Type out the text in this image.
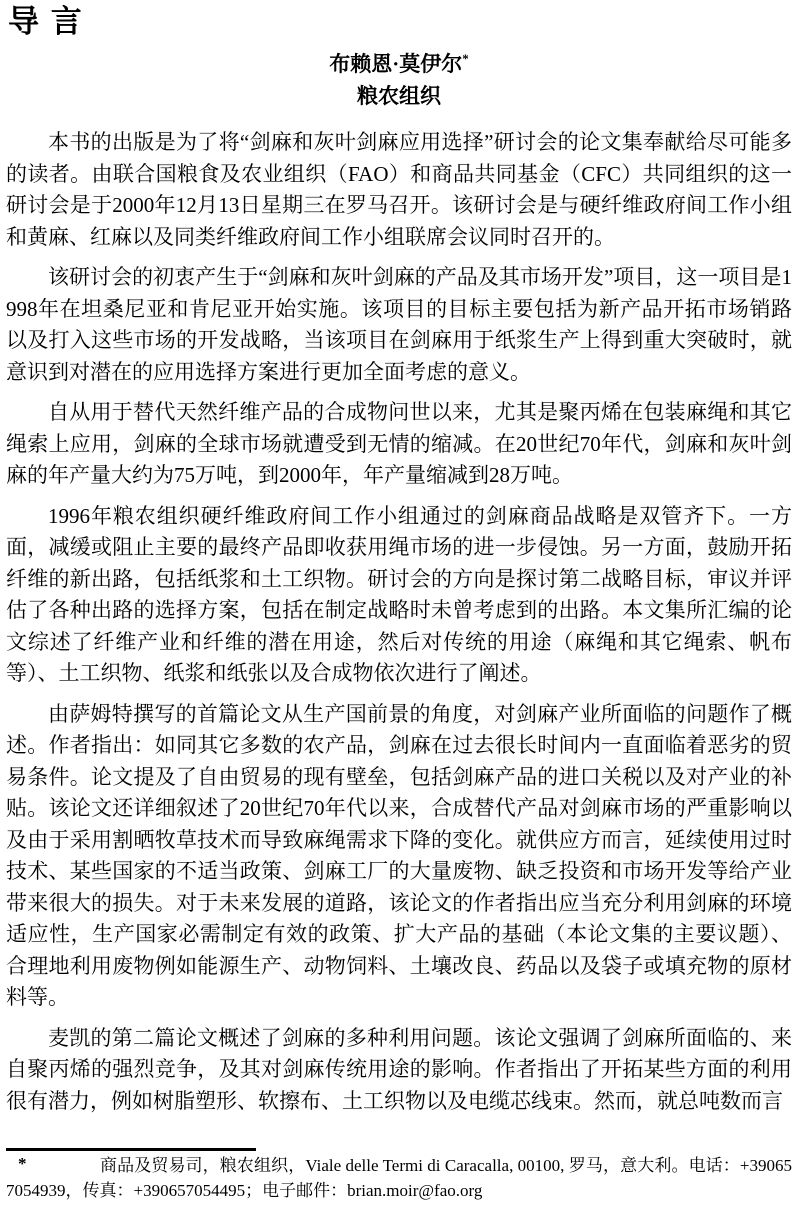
导 言
布赖恩·莫伊尔*
粮农组织

本书的出版是为了将“剑麻和灰叶剑麻应用选择”研讨会的论文集奉献给尽可能多的读者。由联合国粮食及农业组织（FAO）和商品共同基金（CFC）共同组织的这一研讨会是于2000年12月13日星期三在罗马召开。该研讨会是与硬纤维政府间工作小组和黄麻、红麻以及同类纤维政府间工作小组联席会议同时召开的。

该研讨会的初衷产生于“剑麻和灰叶剑麻的产品及其市场开发”项目，这一项目是1998年在坦桑尼亚和肯尼亚开始实施。该项目的目标主要包括为新产品开拓市场销路以及打入这些市场的开发战略，当该项目在剑麻用于纸浆生产上得到重大突破时，就意识到对潜在的应用选择方案进行更加全面考虑的意义。

自从用于替代天然纤维产品的合成物问世以来，尤其是聚丙烯在包装麻绳和其它绳索上应用，剑麻的全球市场就遭受到无情的缩减。在20世纪70年代，剑麻和灰叶剑麻的年产量大约为75万吨，到2000年，年产量缩减到28万吨。

1996年粮农组织硬纤维政府间工作小组通过的剑麻商品战略是双管齐下。一方面，减缓或阻止主要的最终产品即收获用绳市场的进一步侵蚀。另一方面，鼓励开拓纤维的新出路，包括纸浆和土工织物。研讨会的方向是探讨第二战略目标，审议并评估了各种出路的选择方案，包括在制定战略时未曾考虑到的出路。本文集所汇编的论文综述了纤维产业和纤维的潜在用途，然后对传统的用途（麻绳和其它绳索、帆布等）、土工织物、纸浆和纸张以及合成物依次进行了阐述。

由萨姆特撰写的首篇论文从生产国前景的角度，对剑麻产业所面临的问题作了概述。作者指出：如同其它多数的农产品，剑麻在过去很长时间内一直面临着恶劣的贸易条件。论文提及了自由贸易的现有壁垒，包括剑麻产品的进口关税以及对产业的补贴。该论文还详细叙述了20世纪70年代以来，合成替代产品对剑麻市场的严重影响以及由于采用割晒牧草技术而导致麻绳需求下降的变化。就供应方而言，延续使用过时技术、某些国家的不适当政策、剑麻工厂的大量废物、缺乏投资和市场开发等给产业带来很大的损失。对于未来发展的道路，该论文的作者指出应当充分利用剑麻的环境适应性，生产国家必需制定有效的政策、扩大产品的基础（本论文集的主要议题）、合理地利用废物例如能源生产、动物饲料、土壤改良、药品以及袋子或填充物的原材料等。

麦凯的第二篇论文概述了剑麻的多种利用问题。该论文强调了剑麻所面临的、来自聚丙烯的强烈竞争，及其对剑麻传统用途的影响。作者指出了开拓某些方面的利用很有潜力，例如树脂塑形、软擦布、土工织物以及电缆芯线束。然而，就总吨数而言

*	商品及贸易司，粮农组织，Viale delle Termi di Caracalla, 00100, 罗马，意大利。电话：+390657054939，传真：+390657054495；电子邮件：brian.moir@fao.org
